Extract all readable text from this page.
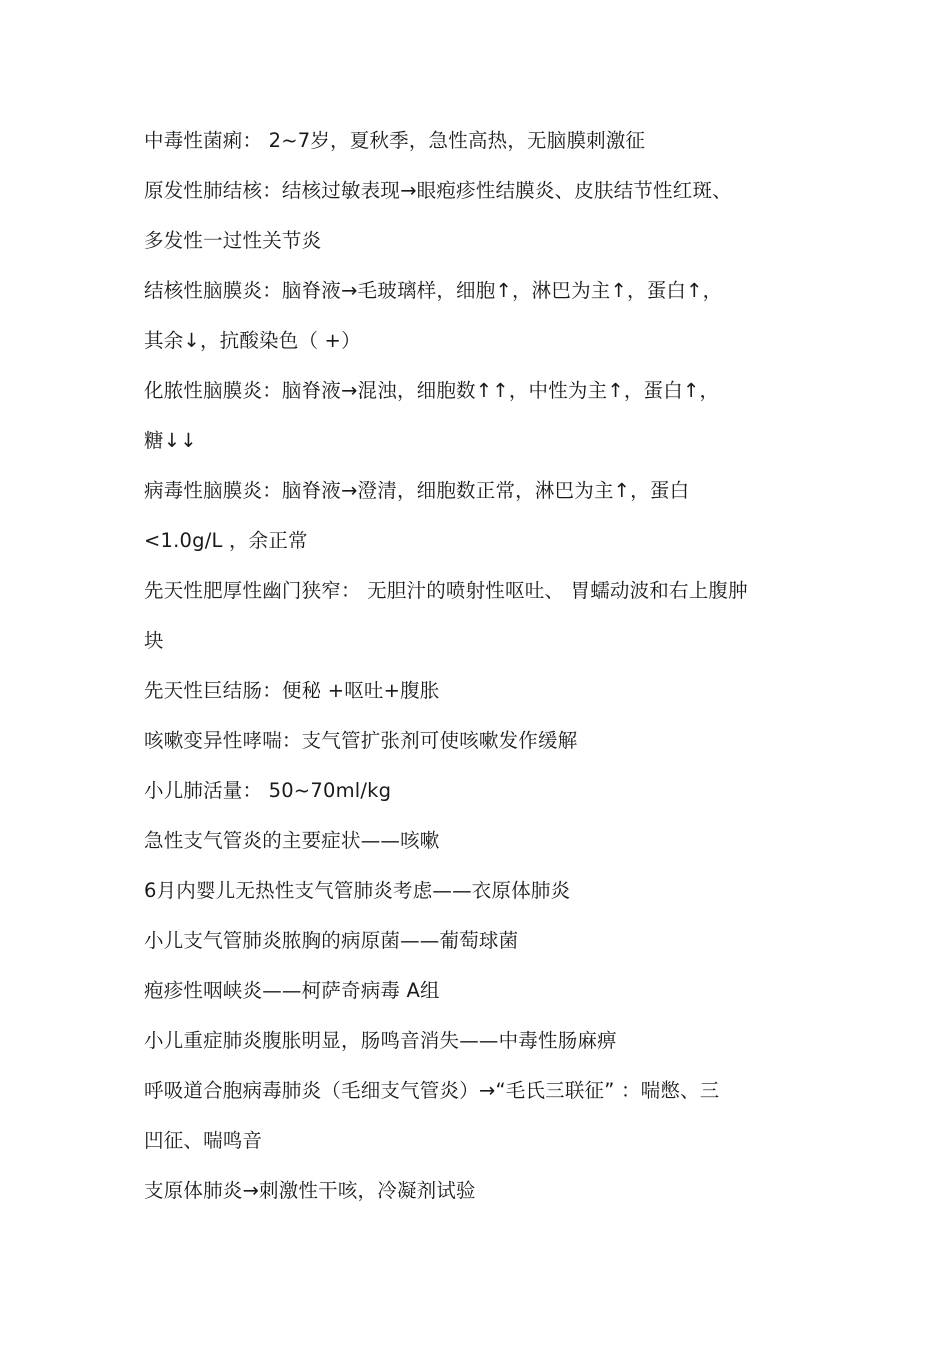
中毒性菌痢： 2~7岁，夏秋季，急性高热，无脑膜刺激征
原发性肺结核：结核过敏表现→眼疱疹性结膜炎、皮肤结节性红斑、
多发性一过性关节炎
结核性脑膜炎：脑脊液→毛玻璃样，细胞↑，淋巴为主↑，蛋白↑，
其余↓，抗酸染色（ +）
化脓性脑膜炎：脑脊液→混浊，细胞数↑↑，中性为主↑，蛋白↑，
糖↓↓
病毒性脑膜炎：脑脊液→澄清，细胞数正常，淋巴为主↑，蛋白
<1.0g/L ，余正常
先天性肥厚性幽门狭窄： 无胆汁的喷射性呕吐、 胃蠕动波和右上腹肿
块
先天性巨结肠：便秘 +呕吐+腹胀
咳嗽变异性哮喘：支气管扩张剂可使咳嗽发作缓解
小儿肺活量： 50~70ml/kg
急性支气管炎的主要症状——咳嗽
6月内婴儿无热性支气管肺炎考虑——衣原体肺炎
小儿支气管肺炎脓胸的病原菌——葡萄球菌
疱疹性咽峡炎——柯萨奇病毒 A组
小儿重症肺炎腹胀明显，肠鸣音消失——中毒性肠麻痹
呼吸道合胞病毒肺炎（毛细支气管炎）→“毛氏三联征” ：喘憋、三
凹征、喘鸣音
支原体肺炎→刺激性干咳，冷凝剂试验
